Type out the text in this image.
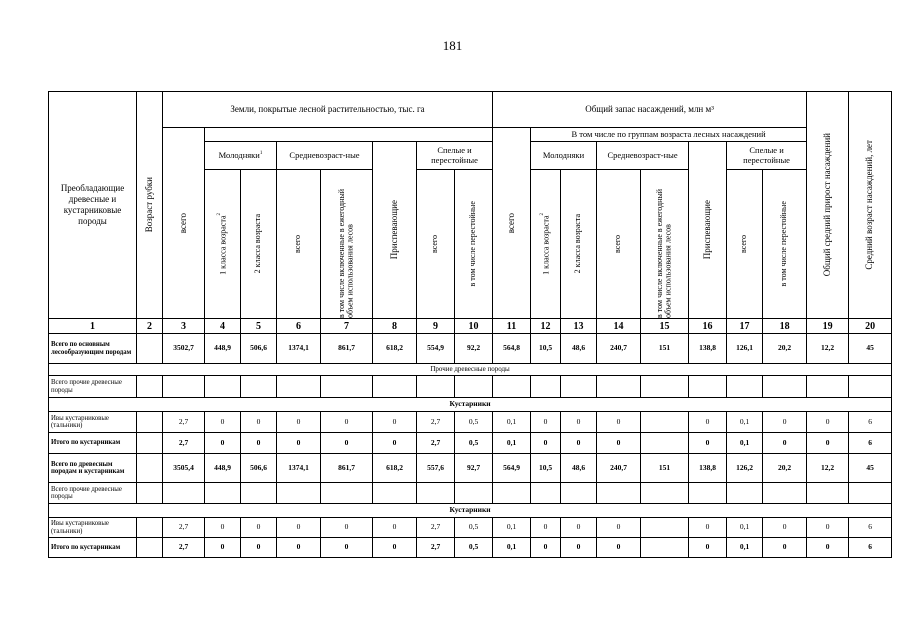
181
Преобладающие древесные и кустарниковые породы	Возраст рубки	Земли, покрытые лесной растительностью, тыс. га								Общий запас насаждений, млн м³								Общий средний прирост насаждений	Средний возраст насаждений, лет

		всего								всего	В том числе по группам возраста лесных насаждений								
			Молодняки$^1$		Средневозраст-ные		Приспевающие	Спелые и перестойные			Молодняки		Средневозраст-ные		Приспевающие	Спелые и перестойные			

			1 класса возраста$^2$	2 класса возраста	всего	в том числе включенные в ежегодный объем использования лесов		всего	в том числе перестойные		1 класса возраста$^2$	2 класса возраста	всего	в том числе включенные в ежегодный объем использования лесов		всего	в том числе перестойные		

1	2	3	4	5	6	7	8	9	10	11	12	13	14	15	16	17	18	19	20
Всего по основным лесообразующим породам		3502,7	448,9	506,6	1374,1	861,7	618,2	554,9	92,2	564,8	10,5	48,6	240,7	151	138,8	126,1	20,2	12,2	45
Прочие древесные породы																			
Всего прочие древесные породы																			
Кустарники																			
Ивы кустарниковые (тальники)		2,7	0	0	0	0	0	2,7	0,5	0,1	0	0	0		0	0,1	0	0	6
Итого по кустарникам		2,7	0	0	0	0	0	2,7	0,5	0,1	0	0	0		0	0,1	0	0	6
Всего по древесным породам и кустарникам		3505,4	448,9	506,6	1374,1	861,7	618,2	557,6	92,7	564,9	10,5	48,6	240,7	151	138,8	126,2	20,2	12,2	45
Всего прочие древесные породы																			
Кустарники																			
Ивы кустарниковые (тальники)		2,7	0	0	0	0	0	2,7	0,5	0,1	0	0	0		0	0,1	0	0	6
Итого по кустарникам		2,7	0	0	0	0	0	2,7	0,5	0,1	0	0	0		0	0,1	0	0	6
